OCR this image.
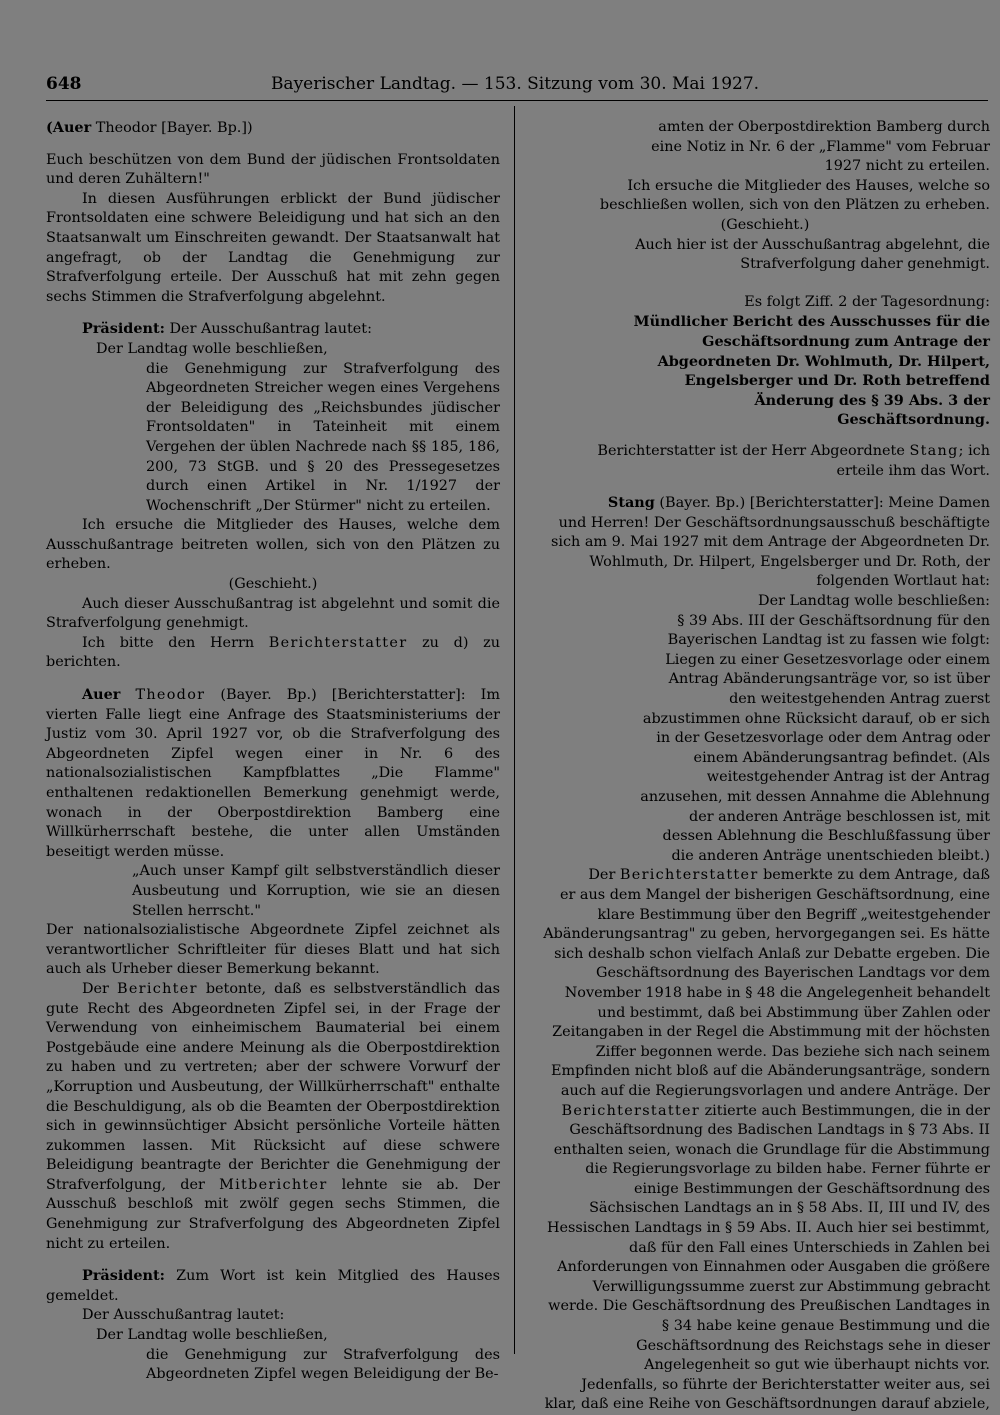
648	Bayerischer Landtag. — 153. Sitzung vom 30. Mai 1927.

(Auer Theodor [Bayer. Bp.])

Euch beschützen von dem Bund der jüdischen Frontsoldaten und deren Zuhältern!"

In diesen Ausführungen erblickt der Bund jüdischer Frontsoldaten eine schwere Beleidigung und hat sich an den Staatsanwalt um Einschreiten gewandt. Der Staatsanwalt hat angefragt, ob der Landtag die Genehmigung zur Strafverfolgung erteile. Der Ausschuß hat mit zehn gegen sechs Stimmen die Strafverfolgung abgelehnt.

Präsident: Der Ausschußantrag lautet:

Der Landtag wolle beschließen,

die Genehmigung zur Strafverfolgung des Abgeordneten Streicher wegen eines Vergehens der Beleidigung des „Reichsbundes jüdischer Frontsoldaten" in Tateinheit mit einem Vergehen der üblen Nachrede nach §§ 185, 186, 200, 73 StGB. und § 20 des Pressegesetzes durch einen Artikel in Nr. 1/1927 der Wochenschrift „Der Stürmer" nicht zu erteilen.

Ich ersuche die Mitglieder des Hauses, welche dem Ausschußantrage beitreten wollen, sich von den Plätzen zu erheben.

(Geschieht.)

Auch dieser Ausschußantrag ist abgelehnt und somit die Strafverfolgung genehmigt.

Ich bitte den Herrn Berichterstatter zu d) zu berichten.

Auer Theodor (Bayer. Bp.) [Berichterstatter]: Im vierten Falle liegt eine Anfrage des Staatsministeriums der Justiz vom 30. April 1927 vor, ob die Strafverfolgung des Abgeordneten Zipfel wegen einer in Nr. 6 des nationalsozialistischen Kampfblattes „Die Flamme" enthaltenen redaktionellen Bemerkung genehmigt werde, wonach in der Oberpostdirektion Bamberg eine Willkürherrschaft bestehe, die unter allen Umständen beseitigt werden müsse.

„Auch unser Kampf gilt selbstverständlich dieser Ausbeutung und Korruption, wie sie an diesen Stellen herrscht."

Der nationalsozialistische Abgeordnete Zipfel zeichnet als verantwortlicher Schriftleiter für dieses Blatt und hat sich auch als Urheber dieser Bemerkung bekannt.

Der Berichter betonte, daß es selbstverständlich das gute Recht des Abgeordneten Zipfel sei, in der Frage der Verwendung von einheimischem Baumaterial bei einem Postgebäude eine andere Meinung als die Oberpostdirektion zu haben und zu vertreten; aber der schwere Vorwurf der „Korruption und Ausbeutung, der Willkürherrschaft" enthalte die Beschuldigung, als ob die Beamten der Oberpostdirektion sich in gewinnsüchtiger Absicht persönliche Vorteile hätten zukommen lassen. Mit Rücksicht auf diese schwere Beleidigung beantragte der Berichter die Genehmigung der Strafverfolgung, der Mitberichter lehnte sie ab. Der Ausschuß beschloß mit zwölf gegen sechs Stimmen, die Genehmigung zur Strafverfolgung des Abgeordneten Zipfel nicht zu erteilen.

Präsident: Zum Wort ist kein Mitglied des Hauses gemeldet.

Der Ausschußantrag lautet:

Der Landtag wolle beschließen,

die Genehmigung zur Strafverfolgung des Abgeordneten Zipfel wegen Beleidigung der Be-

amten der Oberpostdirektion Bamberg durch eine Notiz in Nr. 6 der „Flamme" vom Februar 1927 nicht zu erteilen.

Ich ersuche die Mitglieder des Hauses, welche so beschließen wollen, sich von den Plätzen zu erheben.

(Geschieht.)

Auch hier ist der Ausschußantrag abgelehnt, die Strafverfolgung daher genehmigt.

Es folgt Ziff. 2 der Tagesordnung:

Mündlicher Bericht des Ausschusses für die Geschäftsordnung zum Antrage der Abgeordneten Dr. Wohlmuth, Dr. Hilpert, Engelsberger und Dr. Roth betreffend Änderung des § 39 Abs. 3 der Geschäftsordnung.

Berichterstatter ist der Herr Abgeordnete Stang; ich erteile ihm das Wort.

Stang (Bayer. Bp.) [Berichterstatter]: Meine Damen und Herren! Der Geschäftsordnungsausschuß beschäftigte sich am 9. Mai 1927 mit dem Antrage der Abgeordneten Dr. Wohlmuth, Dr. Hilpert, Engelsberger und Dr. Roth, der folgenden Wortlaut hat:

Der Landtag wolle beschließen:

§ 39 Abs. III der Geschäftsordnung für den Bayerischen Landtag ist zu fassen wie folgt:

Liegen zu einer Gesetzesvorlage oder einem Antrag Abänderungsanträge vor, so ist über den weitestgehenden Antrag zuerst abzustimmen ohne Rücksicht darauf, ob er sich in der Gesetzesvorlage oder dem Antrag oder einem Abänderungsantrag befindet. (Als weitestgehender Antrag ist der Antrag anzusehen, mit dessen Annahme die Ablehnung der anderen Anträge beschlossen ist, mit dessen Ablehnung die Beschlußfassung über die anderen Anträge unentschieden bleibt.)

Der Berichterstatter bemerkte zu dem Antrage, daß er aus dem Mangel der bisherigen Geschäftsordnung, eine klare Bestimmung über den Begriff „weitestgehender Abänderungsantrag" zu geben, hervorgegangen sei. Es hätte sich deshalb schon vielfach Anlaß zur Debatte ergeben. Die Geschäftsordnung des Bayerischen Landtags vor dem November 1918 habe in § 48 die Angelegenheit behandelt und bestimmt, daß bei Abstimmung über Zahlen oder Zeitangaben in der Regel die Abstimmung mit der höchsten Ziffer begonnen werde. Das beziehe sich nach seinem Empfinden nicht bloß auf die Abänderungsanträge, sondern auch auf die Regierungsvorlagen und andere Anträge. Der Berichterstatter zitierte auch Bestimmungen, die in der Geschäftsordnung des Badischen Landtags in § 73 Abs. II enthalten seien, wonach die Grundlage für die Abstimmung die Regierungsvorlage zu bilden habe. Ferner führte er einige Bestimmungen der Geschäftsordnung des Sächsischen Landtags an in § 58 Abs. II, III und IV, des Hessischen Landtags in § 59 Abs. II. Auch hier sei bestimmt, daß für den Fall eines Unterschieds in Zahlen bei Anforderungen von Einnahmen oder Ausgaben die größere Verwilligungssumme zuerst zur Abstimmung gebracht werde. Die Geschäftsordnung des Preußischen Landtages in § 34 habe keine genaue Bestimmung und die Geschäftsordnung des Reichstags sehe in dieser Angelegenheit so gut wie überhaupt nichts vor.

Jedenfalls, so führte der Berichterstatter weiter aus, sei klar, daß eine Reihe von Geschäftsordnungen darauf abziele,
